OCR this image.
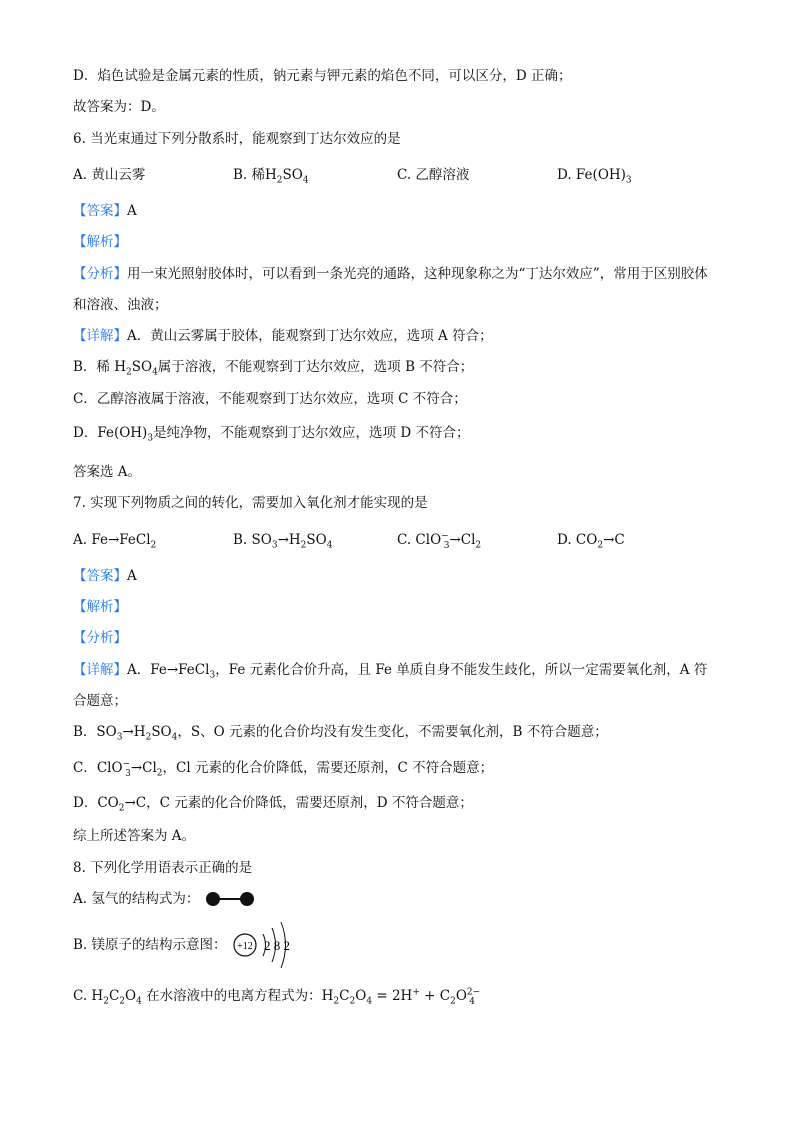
D．焰色试验是金属元素的性质，钠元素与钾元素的焰色不同，可以区分，D 正确；
故答案为：D。
6. 当光束通过下列分散系时，能观察到丁达尔效应的是
A. 黄山云雾	B. 稀$H_2SO_4$	C. 乙醇溶液	D. $Fe(OH)_3$
【答案】A
【解析】
【分析】用一束光照射胶体时，可以看到一条光亮的通路，这种现象称之为“丁达尔效应”，常用于区别胶体
和溶液、浊液；
【详解】A．黄山云雾属于胶体，能观察到丁达尔效应，选项 A 符合；
B．稀 $H_2SO_4$属于溶液，不能观察到丁达尔效应，选项 B 不符合；
C．乙醇溶液属于溶液，不能观察到丁达尔效应，选项 C 不符合；
D．$Fe(OH)_3$是纯净物，不能观察到丁达尔效应，选项 D 不符合；
答案选 A。
7. 实现下列物质之间的转化，需要加入氧化剂才能实现的是
A. Fe→FeCl$_2$	B. $SO_3\to H_2SO_4$	C. $ClO^-_3\to Cl_2$	D. $CO_2\to C$
【答案】A
【解析】
【分析】
【详解】A．Fe→FeCl$_3$，Fe 元素化合价升高，且 Fe 单质自身不能发生歧化，所以一定需要氧化剂，A 符
合题意；
B．$SO_3\to H_2SO_4$，S、O 元素的化合价均没有发生变化，不需要氧化剂，B 不符合题意；
C．$ClO^-_3\to Cl_2$，Cl 元素的化合价降低，需要还原剂，C 不符合题意；
D．$CO_2\to C$，C 元素的化合价降低，需要还原剂，D 不符合题意；
综上所述答案为 A。
8. 下列化学用语表示正确的是
A. 氢气的结构式为：
B. 镁原子的结构示意图： +12 2 8 2
C. $H_2C_2O_4$ 在水溶液中的电离方程式为：$H_2C_2O_4 = 2H^+ + C_2O^{2-}_4$
